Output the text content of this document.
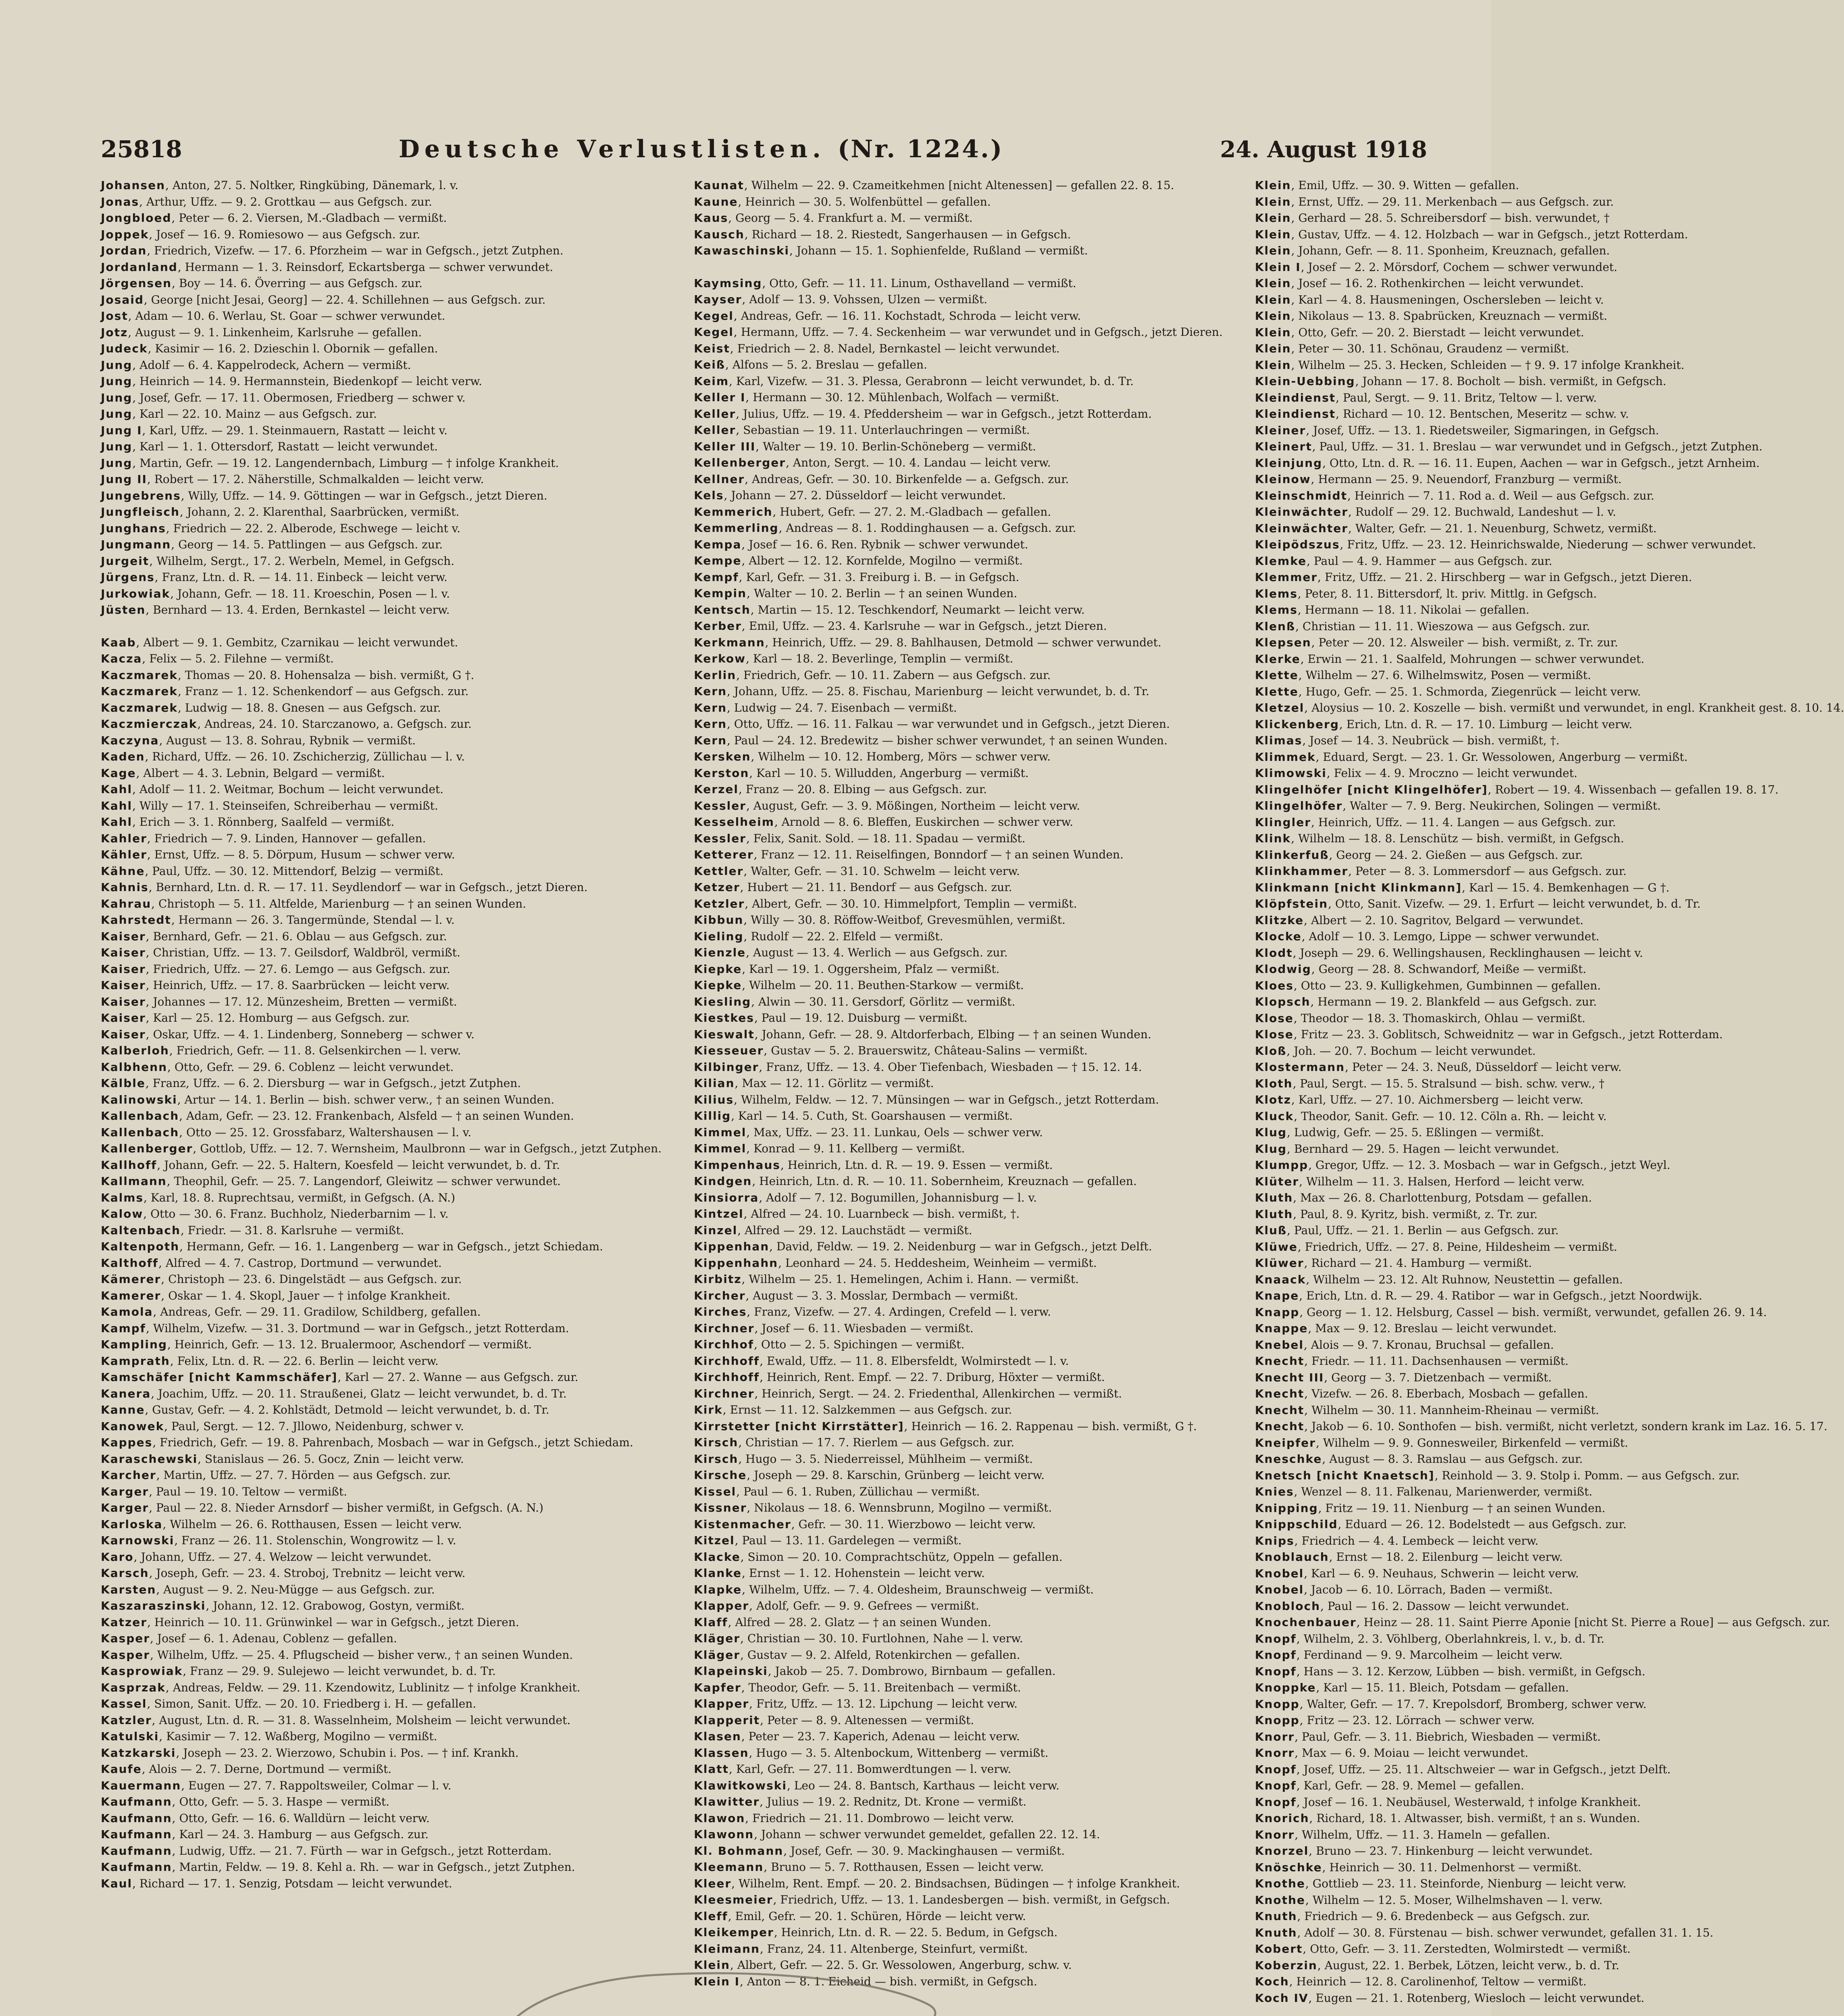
25818	Deutsche Verlustlisten. (Nr. 1224.)	24. August 1918

Johansen, Anton, 27. 5. Noltker, Ringkübing, Dänemark, l. v.

Jonas, Arthur, Uffz. — 9. 2. Grottkau — aus Gefgsch. zur.

Jongbloed, Peter — 6. 2. Viersen, M.-Gladbach — vermißt.

Joppek, Josef — 16. 9. Romiesowo — aus Gefgsch. zur.

Jordan, Friedrich, Vizefw. — 17. 6. Pforzheim — war in Gefgsch., jetzt Zutphen.

Jordanland, Hermann — 1. 3. Reinsdorf, Eckartsberga — schwer verwundet.

Jörgensen, Boy — 14. 6. Överring — aus Gefgsch. zur.

Josaid, George [nicht Jesai, Georg] — 22. 4. Schillehnen — aus Gefgsch. zur.

Jost, Adam — 10. 6. Werlau, St. Goar — schwer verwundet.

Jotz, August — 9. 1. Linkenheim, Karlsruhe — gefallen.

Judeck, Kasimir — 16. 2. Dzieschin l. Obornik — gefallen.

Jung, Adolf — 6. 4. Kappelrodeck, Achern — vermißt.

Jung, Heinrich — 14. 9. Hermannstein, Biedenkopf — leicht verw.

Jung, Josef, Gefr. — 17. 11. Obermosen, Friedberg — schwer v.

Jung, Karl — 22. 10. Mainz — aus Gefgsch. zur.

Jung I, Karl, Uffz. — 29. 1. Steinmauern, Rastatt — leicht v.

Jung, Karl — 1. 1. Ottersdorf, Rastatt — leicht verwundet.

Jung, Martin, Gefr. — 19. 12. Langendernbach, Limburg — † infolge Krankheit.

Jung II, Robert — 17. 2. Näherstille, Schmalkalden — leicht verw.

Jungebrens, Willy, Uffz. — 14. 9. Göttingen — war in Gefgsch., jetzt Dieren.

Jungfleisch, Johann, 2. 2. Klarenthal, Saarbrücken, vermißt.

Junghans, Friedrich — 22. 2. Alberode, Eschwege — leicht v.

Jungmann, Georg — 14. 5. Pattlingen — aus Gefgsch. zur.

Jurgeit, Wilhelm, Sergt., 17. 2. Werbeln, Memel, in Gefgsch.

Jürgens, Franz, Ltn. d. R. — 14. 11. Einbeck — leicht verw.

Jurkowiak, Johann, Gefr. — 18. 11. Kroeschin, Posen — l. v.

Jüsten, Bernhard — 13. 4. Erden, Bernkastel — leicht verw.

Kaab, Albert — 9. 1. Gembitz, Czarnikau — leicht verwundet.

Kacza, Felix — 5. 2. Filehne — vermißt.

Kaczmarek, Thomas — 20. 8. Hohensalza — bish. vermißt, G †.

Kaczmarek, Franz — 1. 12. Schenkendorf — aus Gefgsch. zur.

Kaczmarek, Ludwig — 18. 8. Gnesen — aus Gefgsch. zur.

Kaczmierczak, Andreas, 24. 10. Starczanowo, a. Gefgsch. zur.

Kaczyna, August — 13. 8. Sohrau, Rybnik — vermißt.

Kaden, Richard, Uffz. — 26. 10. Zschicherzig, Züllichau — l. v.

Kage, Albert — 4. 3. Lebnin, Belgard — vermißt.

Kahl, Adolf — 11. 2. Weitmar, Bochum — leicht verwundet.

Kahl, Willy — 17. 1. Steinseifen, Schreiberhau — vermißt.

Kahl, Erich — 3. 1. Rönnberg, Saalfeld — vermißt.

Kahler, Friedrich — 7. 9. Linden, Hannover — gefallen.

Kähler, Ernst, Uffz. — 8. 5. Dörpum, Husum — schwer verw.

Kähne, Paul, Uffz. — 30. 12. Mittendorf, Belzig — vermißt.

Kahnis, Bernhard, Ltn. d. R. — 17. 11. Seydlendorf — war in Gefgsch., jetzt Dieren.

Kahrau, Christoph — 5. 11. Altfelde, Marienburg — † an seinen Wunden.

Kahrstedt, Hermann — 26. 3. Tangermünde, Stendal — l. v.

Kaiser, Bernhard, Gefr. — 21. 6. Oblau — aus Gefgsch. zur.

Kaiser, Christian, Uffz. — 13. 7. Geilsdorf, Waldbröl, vermißt.

Kaiser, Friedrich, Uffz. — 27. 6. Lemgo — aus Gefgsch. zur.

Kaiser, Heinrich, Uffz. — 17. 8. Saarbrücken — leicht verw.

Kaiser, Johannes — 17. 12. Münzesheim, Bretten — vermißt.

Kaiser, Karl — 25. 12. Homburg — aus Gefgsch. zur.

Kaiser, Oskar, Uffz. — 4. 1. Lindenberg, Sonneberg — schwer v.

Kalberloh, Friedrich, Gefr. — 11. 8. Gelsenkirchen — l. verw.

Kalbhenn, Otto, Gefr. — 29. 6. Coblenz — leicht verwundet.

Kälble, Franz, Uffz. — 6. 2. Diersburg — war in Gefgsch., jetzt Zutphen.

Kalinowski, Artur — 14. 1. Berlin — bish. schwer verw., † an seinen Wunden.

Kallenbach, Adam, Gefr. — 23. 12. Frankenbach, Alsfeld — † an seinen Wunden.

Kallenbach, Otto — 25. 12. Grossfabarz, Waltershausen — l. v.

Kallenberger, Gottlob, Uffz. — 12. 7. Wernsheim, Maulbronn — war in Gefgsch., jetzt Zutphen.

Kallhoff, Johann, Gefr. — 22. 5. Haltern, Koesfeld — leicht verwundet, b. d. Tr.

Kallmann, Theophil, Gefr. — 25. 7. Langendorf, Gleiwitz — schwer verwundet.

Kalms, Karl, 18. 8. Ruprechtsau, vermißt, in Gefgsch. (A. N.)

Kalow, Otto — 30. 6. Franz. Buchholz, Niederbarnim — l. v.

Kaltenbach, Friedr. — 31. 8. Karlsruhe — vermißt.

Kaltenpoth, Hermann, Gefr. — 16. 1. Langenberg — war in Gefgsch., jetzt Schiedam.

Kalthoff, Alfred — 4. 7. Castrop, Dortmund — verwundet.

Kämerer, Christoph — 23. 6. Dingelstädt — aus Gefgsch. zur.

Kamerer, Oskar — 1. 4. Skopl, Jauer — † infolge Krankheit.

Kamola, Andreas, Gefr. — 29. 11. Gradilow, Schildberg, gefallen.

Kampf, Wilhelm, Vizefw. — 31. 3. Dortmund — war in Gefgsch., jetzt Rotterdam.

Kampling, Heinrich, Gefr. — 13. 12. Brualermoor, Aschendorf — vermißt.

Kamprath, Felix, Ltn. d. R. — 22. 6. Berlin — leicht verw.

Kamschäfer [nicht Kammschäfer], Karl — 27. 2. Wanne — aus Gefgsch. zur.

Kanera, Joachim, Uffz. — 20. 11. Straußenei, Glatz — leicht verwundet, b. d. Tr.

Kanne, Gustav, Gefr. — 4. 2. Kohlstädt, Detmold — leicht verwundet, b. d. Tr.

Kanowek, Paul, Sergt. — 12. 7. Jllowo, Neidenburg, schwer v.

Kappes, Friedrich, Gefr. — 19. 8. Pahrenbach, Mosbach — war in Gefgsch., jetzt Schiedam.

Karaschewski, Stanislaus — 26. 5. Gocz, Znin — leicht verw.

Karcher, Martin, Uffz. — 27. 7. Hörden — aus Gefgsch. zur.

Karger, Paul — 19. 10. Teltow — vermißt.

Karger, Paul — 22. 8. Nieder Arnsdorf — bisher vermißt, in Gefgsch. (A. N.)

Karloska, Wilhelm — 26. 6. Rotthausen, Essen — leicht verw.

Karnowski, Franz — 26. 11. Stolenschin, Wongrowitz — l. v.

Karo, Johann, Uffz. — 27. 4. Welzow — leicht verwundet.

Karsch, Joseph, Gefr. — 23. 4. Stroboj, Trebnitz — leicht verw.

Karsten, August — 9. 2. Neu-Mügge — aus Gefgsch. zur.

Kaszaraszinski, Johann, 12. 12. Grabowog, Gostyn, vermißt.

Katzer, Heinrich — 10. 11. Grünwinkel — war in Gefgsch., jetzt Dieren.

Kasper, Josef — 6. 1. Adenau, Coblenz — gefallen.

Kasper, Wilhelm, Uffz. — 25. 4. Pflugscheid — bisher verw., † an seinen Wunden.

Kasprowiak, Franz — 29. 9. Sulejewo — leicht verwundet, b. d. Tr.

Kasprzak, Andreas, Feldw. — 29. 11. Kzendowitz, Lublinitz — † infolge Krankheit.

Kassel, Simon, Sanit. Uffz. — 20. 10. Friedberg i. H. — gefallen.

Katzler, August, Ltn. d. R. — 31. 8. Wasselnheim, Molsheim — leicht verwundet.

Katulski, Kasimir — 7. 12. Waßberg, Mogilno — vermißt.

Katzkarski, Joseph — 23. 2. Wierzowo, Schubin i. Pos. — † inf. Krankh.

Kaufe, Alois — 2. 7. Derne, Dortmund — vermißt.

Kauermann, Eugen — 27. 7. Rappoltsweiler, Colmar — l. v.

Kaufmann, Otto, Gefr. — 5. 3. Haspe — vermißt.

Kaufmann, Otto, Gefr. — 16. 6. Walldürn — leicht verw.

Kaufmann, Karl — 24. 3. Hamburg — aus Gefgsch. zur.

Kaufmann, Ludwig, Uffz. — 21. 7. Fürth — war in Gefgsch., jetzt Rotterdam.

Kaufmann, Martin, Feldw. — 19. 8. Kehl a. Rh. — war in Gefgsch., jetzt Zutphen.

Kaul, Richard — 17. 1. Senzig, Potsdam — leicht verwundet.

Kaunat, Wilhelm — 22. 9. Czameitkehmen [nicht Altenessen] — gefallen 22. 8. 15.

Kaune, Heinrich — 30. 5. Wolfenbüttel — gefallen.

Kaus, Georg — 5. 4. Frankfurt a. M. — vermißt.

Kausch, Richard — 18. 2. Riestedt, Sangerhausen — in Gefgsch.

Kawaschinski, Johann — 15. 1. Sophienfelde, Rußland — vermißt.

Kaymsing, Otto, Gefr. — 11. 11. Linum, Osthavelland — vermißt.

Kayser, Adolf — 13. 9. Vohssen, Ulzen — vermißt.

Kegel, Andreas, Gefr. — 16. 11. Kochstadt, Schroda — leicht verw.

Kegel, Hermann, Uffz. — 7. 4. Seckenheim — war verwundet und in Gefgsch., jetzt Dieren.

Keist, Friedrich — 2. 8. Nadel, Bernkastel — leicht verwundet.

Keiß, Alfons — 5. 2. Breslau — gefallen.

Keim, Karl, Vizefw. — 31. 3. Plessa, Gerabronn — leicht verwundet, b. d. Tr.

Keller I, Hermann — 30. 12. Mühlenbach, Wolfach — vermißt.

Keller, Julius, Uffz. — 19. 4. Pfeddersheim — war in Gefgsch., jetzt Rotterdam.

Keller, Sebastian — 19. 11. Unterlauchringen — vermißt.

Keller III, Walter — 19. 10. Berlin-Schöneberg — vermißt.

Kellenberger, Anton, Sergt. — 10. 4. Landau — leicht verw.

Kellner, Andreas, Gefr. — 30. 10. Birkenfelde — a. Gefgsch. zur.

Kels, Johann — 27. 2. Düsseldorf — leicht verwundet.

Kemmerich, Hubert, Gefr. — 27. 2. M.-Gladbach — gefallen.

Kemmerling, Andreas — 8. 1. Roddinghausen — a. Gefgsch. zur.

Kempa, Josef — 16. 6. Ren. Rybnik — schwer verwundet.

Kempe, Albert — 12. 12. Kornfelde, Mogilno — vermißt.

Kempf, Karl, Gefr. — 31. 3. Freiburg i. B. — in Gefgsch.

Kempin, Walter — 10. 2. Berlin — † an seinen Wunden.

Kentsch, Martin — 15. 12. Teschkendorf, Neumarkt — leicht verw.

Kerber, Emil, Uffz. — 23. 4. Karlsruhe — war in Gefgsch., jetzt Dieren.

Kerkmann, Heinrich, Uffz. — 29. 8. Bahlhausen, Detmold — schwer verwundet.

Kerkow, Karl — 18. 2. Beverlinge, Templin — vermißt.

Kerlin, Friedrich, Gefr. — 10. 11. Zabern — aus Gefgsch. zur.

Kern, Johann, Uffz. — 25. 8. Fischau, Marienburg — leicht verwundet, b. d. Tr.

Kern, Ludwig — 24. 7. Eisenbach — vermißt.

Kern, Otto, Uffz. — 16. 11. Falkau — war verwundet und in Gefgsch., jetzt Dieren.

Kern, Paul — 24. 12. Bredewitz — bisher schwer verwundet, † an seinen Wunden.

Kersken, Wilhelm — 10. 12. Homberg, Mörs — schwer verw.

Kerston, Karl — 10. 5. Willudden, Angerburg — vermißt.

Kerzel, Franz — 20. 8. Elbing — aus Gefgsch. zur.

Kessler, August, Gefr. — 3. 9. Mößingen, Northeim — leicht verw.

Kesselheim, Arnold — 8. 6. Bleffen, Euskirchen — schwer verw.

Kessler, Felix, Sanit. Sold. — 18. 11. Spadau — vermißt.

Ketterer, Franz — 12. 11. Reiselfingen, Bonndorf — † an seinen Wunden.

Kettler, Walter, Gefr. — 31. 10. Schwelm — leicht verw.

Ketzer, Hubert — 21. 11. Bendorf — aus Gefgsch. zur.

Ketzler, Albert, Gefr. — 30. 10. Himmelpfort, Templin — vermißt.

Kibbun, Willy — 30. 8. Röffow-Weitbof, Grevesmühlen, vermißt.

Kieling, Rudolf — 22. 2. Elfeld — vermißt.

Kienzle, August — 13. 4. Werlich — aus Gefgsch. zur.

Kiepke, Karl — 19. 1. Oggersheim, Pfalz — vermißt.

Kiepke, Wilhelm — 20. 11. Beuthen-Starkow — vermißt.

Kiesling, Alwin — 30. 11. Gersdorf, Görlitz — vermißt.

Kiestkes, Paul — 19. 12. Duisburg — vermißt.

Kieswalt, Johann, Gefr. — 28. 9. Altdorferbach, Elbing — † an seinen Wunden.

Kiesseuer, Gustav — 5. 2. Brauerswitz, Château-Salins — vermißt.

Kilbinger, Franz, Uffz. — 13. 4. Ober Tiefenbach, Wiesbaden — † 15. 12. 14.

Kilian, Max — 12. 11. Görlitz — vermißt.

Kilius, Wilhelm, Feldw. — 12. 7. Münsingen — war in Gefgsch., jetzt Rotterdam.

Killig, Karl — 14. 5. Cuth, St. Goarshausen — vermißt.

Kimmel, Max, Uffz. — 23. 11. Lunkau, Oels — schwer verw.

Kimmel, Konrad — 9. 11. Kellberg — vermißt.

Kimpenhaus, Heinrich, Ltn. d. R. — 19. 9. Essen — vermißt.

Kindgen, Heinrich, Ltn. d. R. — 10. 11. Sobernheim, Kreuznach — gefallen.

Kinsiorra, Adolf — 7. 12. Bogumillen, Johannisburg — l. v.

Kintzel, Alfred — 24. 10. Luarnbeck — bish. vermißt, †.

Kinzel, Alfred — 29. 12. Lauchstädt — vermißt.

Kippenhan, David, Feldw. — 19. 2. Neidenburg — war in Gefgsch., jetzt Delft.

Kippenhahn, Leonhard — 24. 5. Heddesheim, Weinheim — vermißt.

Kirbitz, Wilhelm — 25. 1. Hemelingen, Achim i. Hann. — vermißt.

Kircher, August — 3. 3. Mosslar, Dermbach — vermißt.

Kirches, Franz, Vizefw. — 27. 4. Ardingen, Crefeld — l. verw.

Kirchner, Josef — 6. 11. Wiesbaden — vermißt.

Kirchhof, Otto — 2. 5. Spichingen — vermißt.

Kirchhoff, Ewald, Uffz. — 11. 8. Elbersfeldt, Wolmirstedt — l. v.

Kirchhoff, Heinrich, Rent. Empf. — 22. 7. Driburg, Höxter — vermißt.

Kirchner, Heinrich, Sergt. — 24. 2. Friedenthal, Allenkirchen — vermißt.

Kirk, Ernst — 11. 12. Salzkemmen — aus Gefgsch. zur.

Kirrstetter [nicht Kirrstätter], Heinrich — 16. 2. Rappenau — bish. vermißt, G †.

Kirsch, Christian — 17. 7. Rierlem — aus Gefgsch. zur.

Kirsch, Hugo — 3. 5. Niederreissel, Mühlheim — vermißt.

Kirsche, Joseph — 29. 8. Karschin, Grünberg — leicht verw.

Kissel, Paul — 6. 1. Ruben, Züllichau — vermißt.

Kissner, Nikolaus — 18. 6. Wennsbrunn, Mogilno — vermißt.

Kistenmacher, Gefr. — 30. 11. Wierzbowo — leicht verw.

Kitzel, Paul — 13. 11. Gardelegen — vermißt.

Klacke, Simon — 20. 10. Comprachtschütz, Oppeln — gefallen.

Klanke, Ernst — 1. 12. Hohenstein — leicht verw.

Klapke, Wilhelm, Uffz. — 7. 4. Oldesheim, Braunschweig — vermißt.

Klapper, Adolf, Gefr. — 9. 9. Gefrees — vermißt.

Klaff, Alfred — 28. 2. Glatz — † an seinen Wunden.

Kläger, Christian — 30. 10. Furtlohnen, Nahe — l. verw.

Kläger, Gustav — 9. 2. Alfeld, Rotenkirchen — gefallen.

Klapeinski, Jakob — 25. 7. Dombrowo, Birnbaum — gefallen.

Kapfer, Theodor, Gefr. — 5. 11. Breitenbach — vermißt.

Klapper, Fritz, Uffz. — 13. 12. Lipchung — leicht verw.

Klapperit, Peter — 8. 9. Altenessen — vermißt.

Klasen, Peter — 23. 7. Kaperich, Adenau — leicht verw.

Klassen, Hugo — 3. 5. Altenbockum, Wittenberg — vermißt.

Klatt, Karl, Gefr. — 27. 11. Bomwerdtungen — l. verw.

Klawitkowski, Leo — 24. 8. Bantsch, Karthaus — leicht verw.

Klawitter, Julius — 19. 2. Rednitz, Dt. Krone — vermißt.

Klawon, Friedrich — 21. 11. Dombrowo — leicht verw.

Klawonn, Johann — schwer verwundet gemeldet, gefallen 22. 12. 14.

Kl. Bohmann, Josef, Gefr. — 30. 9. Mackinghausen — vermißt.

Kleemann, Bruno — 5. 7. Rotthausen, Essen — leicht verw.

Kleer, Wilhelm, Rent. Empf. — 20. 2. Bindsachsen, Büdingen — † infolge Krankheit.

Kleesmeier, Friedrich, Uffz. — 13. 1. Landesbergen — bish. vermißt, in Gefgsch.

Kleff, Emil, Gefr. — 20. 1. Schüren, Hörde — leicht verw.

Kleikemper, Heinrich, Ltn. d. R. — 22. 5. Bedum, in Gefgsch.

Kleimann, Franz, 24. 11. Altenberge, Steinfurt, vermißt.

Klein, Albert, Gefr. — 22. 5. Gr. Wessolowen, Angerburg, schw. v.

Klein I, Anton — 8. 1. Eicheid — bish. vermißt, in Gefgsch.

Klein, Emil, Uffz. — 30. 9. Witten — gefallen.

Klein, Ernst, Uffz. — 29. 11. Merkenbach — aus Gefgsch. zur.

Klein, Gerhard — 28. 5. Schreibersdorf — bish. verwundet, †

Klein, Gustav, Uffz. — 4. 12. Holzbach — war in Gefgsch., jetzt Rotterdam.

Klein, Johann, Gefr. — 8. 11. Sponheim, Kreuznach, gefallen.

Klein I, Josef — 2. 2. Mörsdorf, Cochem — schwer verwundet.

Klein, Josef — 16. 2. Rothenkirchen — leicht verwundet.

Klein, Karl — 4. 8. Hausmeningen, Oschersleben — leicht v.

Klein, Nikolaus — 13. 8. Spabrücken, Kreuznach — vermißt.

Klein, Otto, Gefr. — 20. 2. Bierstadt — leicht verwundet.

Klein, Peter — 30. 11. Schönau, Graudenz — vermißt.

Klein, Wilhelm — 25. 3. Hecken, Schleiden — † 9. 9. 17 infolge Krankheit.

Klein-Uebbing, Johann — 17. 8. Bocholt — bish. vermißt, in Gefgsch.

Kleindienst, Paul, Sergt. — 9. 11. Britz, Teltow — l. verw.

Kleindienst, Richard — 10. 12. Bentschen, Meseritz — schw. v.

Kleiner, Josef, Uffz. — 13. 1. Riedetsweiler, Sigmaringen, in Gefgsch.

Kleinert, Paul, Uffz. — 31. 1. Breslau — war verwundet und in Gefgsch., jetzt Zutphen.

Kleinjung, Otto, Ltn. d. R. — 16. 11. Eupen, Aachen — war in Gefgsch., jetzt Arnheim.

Kleinow, Hermann — 25. 9. Neuendorf, Franzburg — vermißt.

Kleinschmidt, Heinrich — 7. 11. Rod a. d. Weil — aus Gefgsch. zur.

Kleinwächter, Rudolf — 29. 12. Buchwald, Landeshut — l. v.

Kleinwächter, Walter, Gefr. — 21. 1. Neuenburg, Schwetz, vermißt.

Kleipödszus, Fritz, Uffz. — 23. 12. Heinrichswalde, Niederung — schwer verwundet.

Klemke, Paul — 4. 9. Hammer — aus Gefgsch. zur.

Klemmer, Fritz, Uffz. — 21. 2. Hirschberg — war in Gefgsch., jetzt Dieren.

Klems, Peter, 8. 11. Bittersdorf, lt. priv. Mittlg. in Gefgsch.

Klems, Hermann — 18. 11. Nikolai — gefallen.

Klenß, Christian — 11. 11. Wieszowa — aus Gefgsch. zur.

Klepsen, Peter — 20. 12. Alsweiler — bish. vermißt, z. Tr. zur.

Klerke, Erwin — 21. 1. Saalfeld, Mohrungen — schwer verwundet.

Klette, Wilhelm — 27. 6. Wilhelmswitz, Posen — vermißt.

Klette, Hugo, Gefr. — 25. 1. Schmorda, Ziegenrück — leicht verw.

Kletzel, Aloysius — 10. 2. Koszelle — bish. vermißt und verwundet, in engl. Krankheit gest. 8. 10. 14.

Klickenberg, Erich, Ltn. d. R. — 17. 10. Limburg — leicht verw.

Klimas, Josef — 14. 3. Neubrück — bish. vermißt, †.

Klimmek, Eduard, Sergt. — 23. 1. Gr. Wessolowen, Angerburg — vermißt.

Klimowski, Felix — 4. 9. Mroczno — leicht verwundet.

Klingelhöfer [nicht Klingelhöfer], Robert — 19. 4. Wissenbach — gefallen 19. 8. 17.

Klingelhöfer, Walter — 7. 9. Berg. Neukirchen, Solingen — vermißt.

Klingler, Heinrich, Uffz. — 11. 4. Langen — aus Gefgsch. zur.

Klink, Wilhelm — 18. 8. Lenschütz — bish. vermißt, in Gefgsch.

Klinkerfuß, Georg — 24. 2. Gießen — aus Gefgsch. zur.

Klinkhammer, Peter — 8. 3. Lommersdorf — aus Gefgsch. zur.

Klinkmann [nicht Klinkmann], Karl — 15. 4. Bemkenhagen — G †.

Klöpfstein, Otto, Sanit. Vizefw. — 29. 1. Erfurt — leicht verwundet, b. d. Tr.

Klitzke, Albert — 2. 10. Sagritov, Belgard — verwundet.

Klocke, Adolf — 10. 3. Lemgo, Lippe — schwer verwundet.

Klodt, Joseph — 29. 6. Wellingshausen, Recklinghausen — leicht v.

Klodwig, Georg — 28. 8. Schwandorf, Meiße — vermißt.

Kloes, Otto — 23. 9. Kulligkehmen, Gumbinnen — gefallen.

Klopsch, Hermann — 19. 2. Blankfeld — aus Gefgsch. zur.

Klose, Theodor — 18. 3. Thomaskirch, Ohlau — vermißt.

Klose, Fritz — 23. 3. Goblitsch, Schweidnitz — war in Gefgsch., jetzt Rotterdam.

Kloß, Joh. — 20. 7. Bochum — leicht verwundet.

Klostermann, Peter — 24. 3. Neuß, Düsseldorf — leicht verw.

Kloth, Paul, Sergt. — 15. 5. Stralsund — bish. schw. verw., †

Klotz, Karl, Uffz. — 27. 10. Aichmersberg — leicht verw.

Kluck, Theodor, Sanit. Gefr. — 10. 12. Cöln a. Rh. — leicht v.

Klug, Ludwig, Gefr. — 25. 5. Eßlingen — vermißt.

Klug, Bernhard — 29. 5. Hagen — leicht verwundet.

Klumpp, Gregor, Uffz. — 12. 3. Mosbach — war in Gefgsch., jetzt Weyl.

Klüter, Wilhelm — 11. 3. Halsen, Herford — leicht verw.

Kluth, Max — 26. 8. Charlottenburg, Potsdam — gefallen.

Kluth, Paul, 8. 9. Kyritz, bish. vermißt, z. Tr. zur.

Kluß, Paul, Uffz. — 21. 1. Berlin — aus Gefgsch. zur.

Klüwe, Friedrich, Uffz. — 27. 8. Peine, Hildesheim — vermißt.

Klüwer, Richard — 21. 4. Hamburg — vermißt.

Knaack, Wilhelm — 23. 12. Alt Ruhnow, Neustettin — gefallen.

Knape, Erich, Ltn. d. R. — 29. 4. Ratibor — war in Gefgsch., jetzt Noordwijk.

Knapp, Georg — 1. 12. Helsburg, Cassel — bish. vermißt, verwundet, gefallen 26. 9. 14.

Knappe, Max — 9. 12. Breslau — leicht verwundet.

Knebel, Alois — 9. 7. Kronau, Bruchsal — gefallen.

Knecht, Friedr. — 11. 11. Dachsenhausen — vermißt.

Knecht III, Georg — 3. 7. Dietzenbach — vermißt.

Knecht, Vizefw. — 26. 8. Eberbach, Mosbach — gefallen.

Knecht, Wilhelm — 30. 11. Mannheim-Rheinau — vermißt.

Knecht, Jakob — 6. 10. Sonthofen — bish. vermißt, nicht verletzt, sondern krank im Laz. 16. 5. 17.

Kneipfer, Wilhelm — 9. 9. Gonnesweiler, Birkenfeld — vermißt.

Kneschke, August — 8. 3. Ramslau — aus Gefgsch. zur.

Knetsch [nicht Knaetsch], Reinhold — 3. 9. Stolp i. Pomm. — aus Gefgsch. zur.

Knies, Wenzel — 8. 11. Falkenau, Marienwerder, vermißt.

Knipping, Fritz — 19. 11. Nienburg — † an seinen Wunden.

Knippschild, Eduard — 26. 12. Bodelstedt — aus Gefgsch. zur.

Knips, Friedrich — 4. 4. Lembeck — leicht verw.

Knoblauch, Ernst — 18. 2. Eilenburg — leicht verw.

Knobel, Karl — 6. 9. Neuhaus, Schwerin — leicht verw.

Knobel, Jacob — 6. 10. Lörrach, Baden — vermißt.

Knobloch, Paul — 16. 2. Dassow — leicht verwundet.

Knochenbauer, Heinz — 28. 11. Saint Pierre Aponie [nicht St. Pierre a Roue] — aus Gefgsch. zur.

Knopf, Wilhelm, 2. 3. Vöhlberg, Oberlahnkreis, l. v., b. d. Tr.

Knopf, Ferdinand — 9. 9. Marcolheim — leicht verw.

Knopf, Hans — 3. 12. Kerzow, Lübben — bish. vermißt, in Gefgsch.

Knoppke, Karl — 15. 11. Bleich, Potsdam — gefallen.

Knopp, Walter, Gefr. — 17. 7. Krepolsdorf, Bromberg, schwer verw.

Knopp, Fritz — 23. 12. Lörrach — schwer verw.

Knorr, Paul, Gefr. — 3. 11. Biebrich, Wiesbaden — vermißt.

Knorr, Max — 6. 9. Moiau — leicht verwundet.

Knopf, Josef, Uffz. — 25. 11. Altschweier — war in Gefgsch., jetzt Delft.

Knopf, Karl, Gefr. — 28. 9. Memel — gefallen.

Knopf, Josef — 16. 1. Neubäusel, Westerwald, † infolge Krankheit.

Knorich, Richard, 18. 1. Altwasser, bish. vermißt, † an s. Wunden.

Knorr, Wilhelm, Uffz. — 11. 3. Hameln — gefallen.

Knorzel, Bruno — 23. 7. Hinkenburg — leicht verwundet.

Knöschke, Heinrich — 30. 11. Delmenhorst — vermißt.

Knothe, Gottlieb — 23. 11. Steinforde, Nienburg — leicht verw.

Knothe, Wilhelm — 12. 5. Moser, Wilhelmshaven — l. verw.

Knuth, Friedrich — 9. 6. Bredenbeck — aus Gefgsch. zur.

Knuth, Adolf — 30. 8. Fürstenau — bish. schwer verwundet, gefallen 31. 1. 15.

Kobert, Otto, Gefr. — 3. 11. Zerstedten, Wolmirstedt — vermißt.

Koberzin, August, 22. 1. Berbek, Lötzen, leicht verw., b. d. Tr.

Koch, Heinrich — 12. 8. Carolinenhof, Teltow — vermißt.

Koch IV, Eugen — 21. 1. Rotenberg, Wiesloch — leicht verwundet.
